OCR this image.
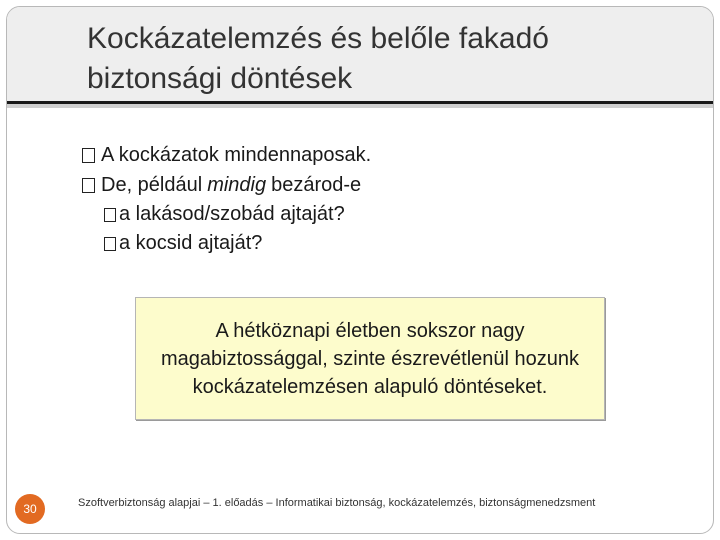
Kockázatelemzés és belőle fakadó
biztonsági döntések
A kockázatok mindennaposak.
De, például mindig bezárod-e
a lakásod/szobád ajtaját?
a kocsid ajtaját?
A hétköznapi életben sokszor nagy magabiztossággal, szinte észrevétlenül hozunk kockázatelemzésen alapuló döntéseket.
30	Szoftverbiztonság alapjai – 1. előadás – Informatikai biztonság, kockázatelemzés, biztonságmenedzsment
